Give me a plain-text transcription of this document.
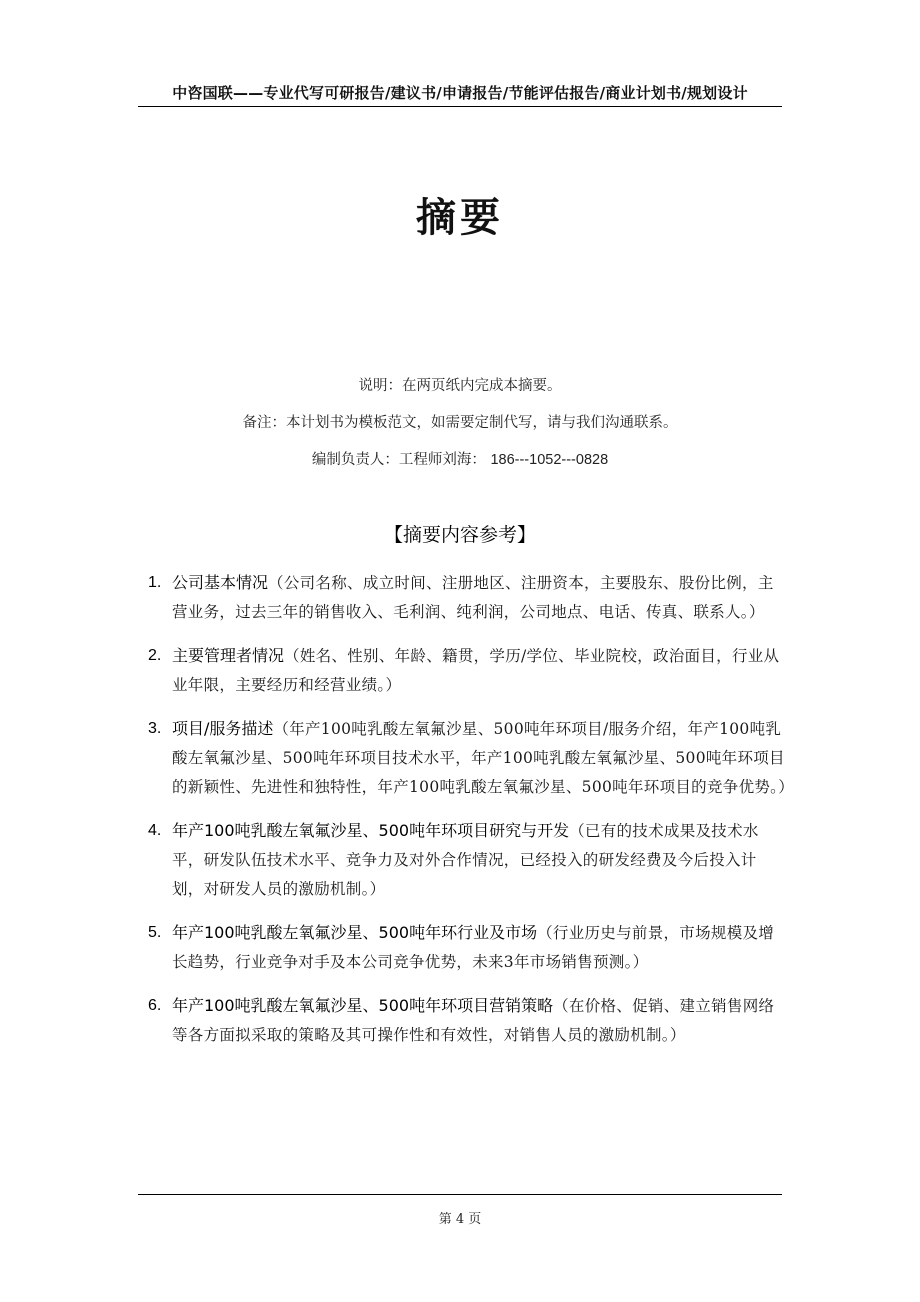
中咨国联——专业代写可研报告/建议书/申请报告/节能评估报告/商业计划书/规划设计
摘要
说明：在两页纸内完成本摘要。
备注：本计划书为模板范文，如需要定制代写，请与我们沟通联系。
编制负责人：工程师刘海： 186---1052---0828
【摘要内容参考】
1. 公司基本情况（公司名称、成立时间、注册地区、注册资本，主要股东、股份比例，主营业务，过去三年的销售收入、毛利润、纯利润，公司地点、电话、传真、联系人。）
2. 主要管理者情况（姓名、性别、年龄、籍贯，学历/学位、毕业院校，政治面目，行业从业年限，主要经历和经营业绩。）
3. 项目/服务描述（年产100吨乳酸左氧氟沙星、500吨年环项目/服务介绍，年产100吨乳酸左氧氟沙星、500吨年环项目技术水平，年产100吨乳酸左氧氟沙星、500吨年环项目的新颖性、先进性和独特性，年产100吨乳酸左氧氟沙星、500吨年环项目的竞争优势。）
4. 年产100吨乳酸左氧氟沙星、500吨年环项目研究与开发（已有的技术成果及技术水平，研发队伍技术水平、竞争力及对外合作情况，已经投入的研发经费及今后投入计划，对研发人员的激励机制。）
5. 年产100吨乳酸左氧氟沙星、500吨年环行业及市场（行业历史与前景，市场规模及增长趋势，行业竞争对手及本公司竞争优势，未来3年市场销售预测。）
6. 年产100吨乳酸左氧氟沙星、500吨年环项目营销策略（在价格、促销、建立销售网络等各方面拟采取的策略及其可操作性和有效性，对销售人员的激励机制。）
第 4 页
